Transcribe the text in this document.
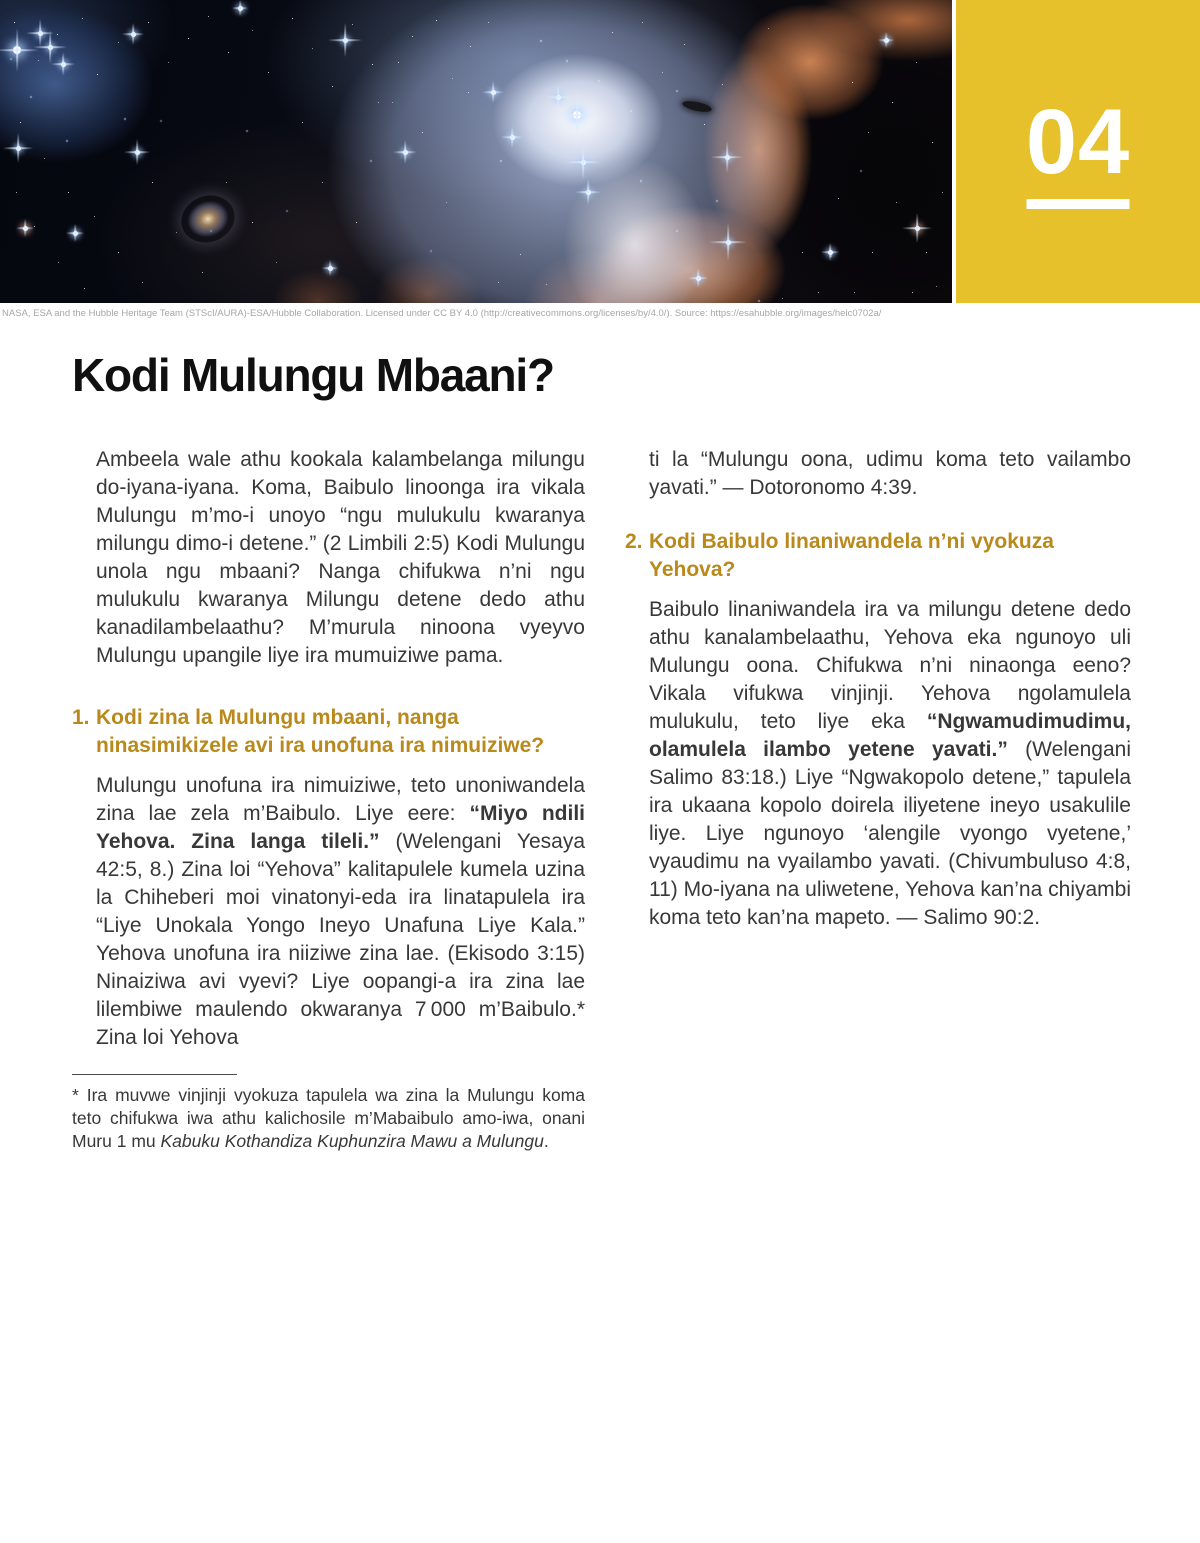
04
NASA, ESA and the Hubble Heritage Team (STScI/AURA)-ESA/Hubble Collaboration. Licensed under CC BY 4.0 (http://creativecommons.org/licenses/by/4.0/). Source: https://esahubble.org/images/heic0702a/
Kodi Mulungu Mbaani?

Ambeela wale athu kookala kalambelanga milungu do-iyana-iyana. Koma, Baibulo linoonga ira vikala Mulungu m’mo-i unoyo “ngu mulukulu kwaranya milungu dimo-i detene.” (2 Limbili 2:5) Kodi Mulungu unola ngu mbaani? Nanga chifukwa n’ni ngu mulukulu kwaranya Milungu detene dedo athu kanadilambelaathu? M’murula ninoona vyeyvo Mulungu upangile liye ira mumuiziwe pama.

1. Kodi zina la Mulungu mbaani, nanga ninasimikizele avi ira unofuna ira nimuiziwe?

Mulungu unofuna ira nimuiziwe, teto unoniwandela zina lae zela m’Baibulo. Liye eere: “Miyo ndili Yehova. Zina langa tileli.” (Welengani Yesaya 42:5, 8.) Zina loi “Yehova” kalitapulele kumela uzina la Chiheberi moi vinatonyi-eda ira linatapulela ira “Liye Unokala Yongo Ineyo Unafuna Liye Kala.” Yehova unofuna ira niiziwe zina lae. (Ekisodo 3:15) Ninaiziwa avi vyevi? Liye oopangi-a ira zina lae lilembiwe maulendo okwaranya 7 000 m’Baibulo.* Zina loi Yehova

* Ira muvwe vinjinji vyokuza tapulela wa zina la Mulungu koma teto chifukwa iwa athu kalichosile m’Mabaibulo amo-iwa, onani Muru 1 mu Kabuku Kothandiza Kuphunzira Mawu a Mulungu.

ti la “Mulungu oona, udimu koma teto vailambo yavati.” — Dotoronomo 4:39.

2. Kodi Baibulo linaniwandela n’ni vyokuza Yehova?

Baibulo linaniwandela ira va milungu detene dedo athu kanalambelaathu, Yehova eka ngunoyo uli Mulungu oona. Chifukwa n’ni ninaonga eeno? Vikala vifukwa vinjinji. Yehova ngolamulela mulukulu, teto liye eka “Ngwamudimudimu, olamulela ilambo yetene yavati.” (Welengani Salimo 83:18.) Liye “Ngwakopolo detene,” tapulela ira ukaana kopolo doirela iliyetene ineyo usakulile liye. Liye ngunoyo ‘alengile vyongo vyetene,’ vyaudimu na vyailambo yavati. (Chivumbuluso 4:8, 11) Mo-iyana na uliwetene, Yehova kan’na chiyambi koma teto kan’na mapeto. — Salimo 90:2.
